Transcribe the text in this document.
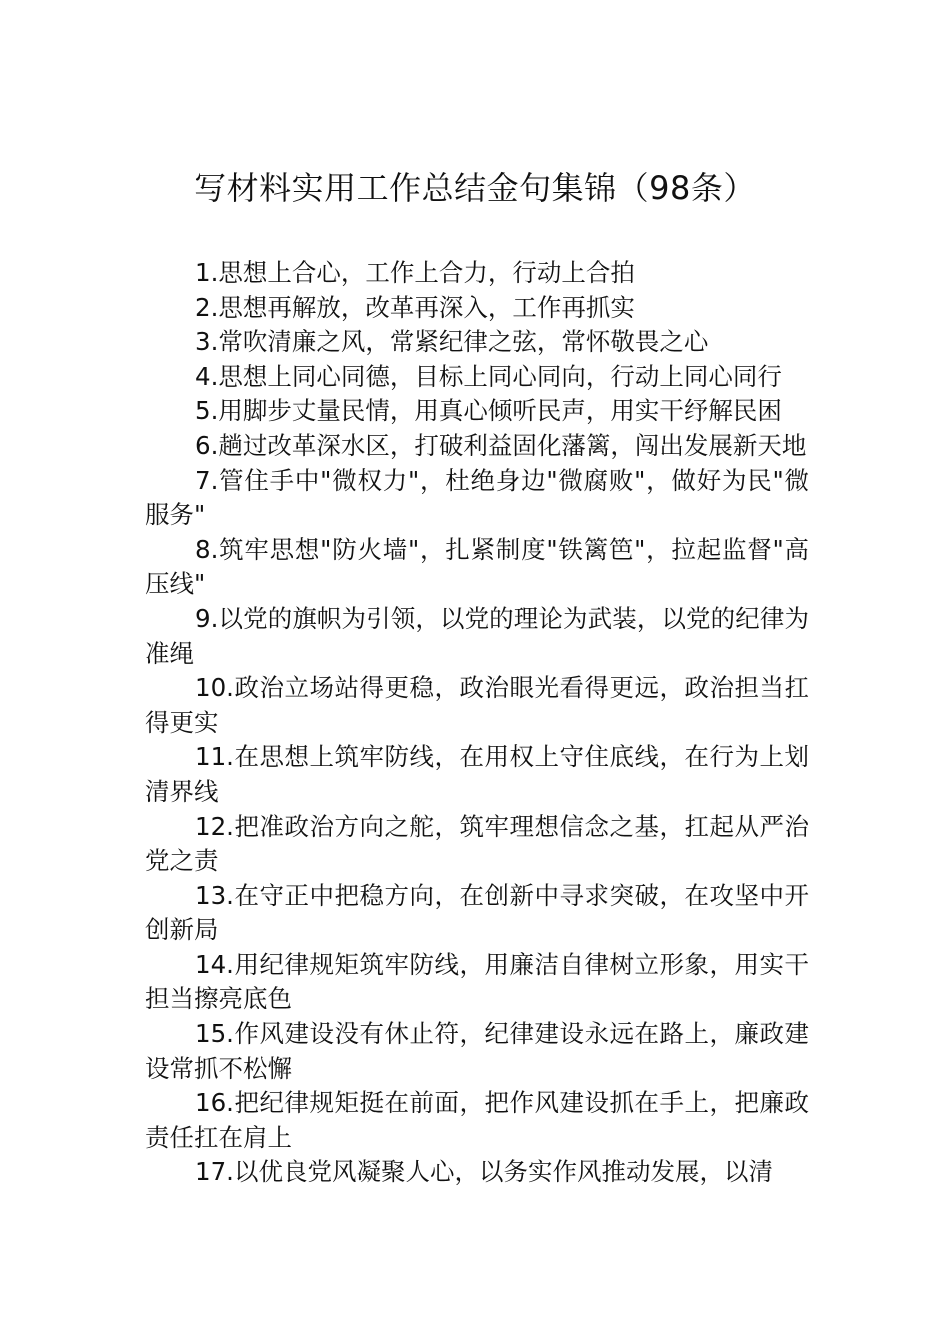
写材料实用工作总结金句集锦（98条）

1.思想上合心，工作上合力，行动上合拍

2.思想再解放，改革再深入，工作再抓实

3.常吹清廉之风，常紧纪律之弦，常怀敬畏之心

4.思想上同心同德，目标上同心同向，行动上同心同行

5.用脚步丈量民情，用真心倾听民声，用实干纾解民困

6.趟过改革深水区，打破利益固化藩篱，闯出发展新天地

7.管住手中"微权力"，杜绝身边"微腐败"，做好为民"微服务"

8.筑牢思想"防火墙"，扎紧制度"铁篱笆"，拉起监督"高压线"

9.以党的旗帜为引领，以党的理论为武装，以党的纪律为准绳

10.政治立场站得更稳，政治眼光看得更远，政治担当扛得更实

11.在思想上筑牢防线，在用权上守住底线，在行为上划清界线

12.把准政治方向之舵，筑牢理想信念之基，扛起从严治党之责

13.在守正中把稳方向，在创新中寻求突破，在攻坚中开创新局

14.用纪律规矩筑牢防线，用廉洁自律树立形象，用实干担当擦亮底色

15.作风建设没有休止符，纪律建设永远在路上，廉政建设常抓不松懈

16.把纪律规矩挺在前面，把作风建设抓在手上，把廉政责任扛在肩上

17.以优良党风凝聚人心，以务实作风推动发展，以清
